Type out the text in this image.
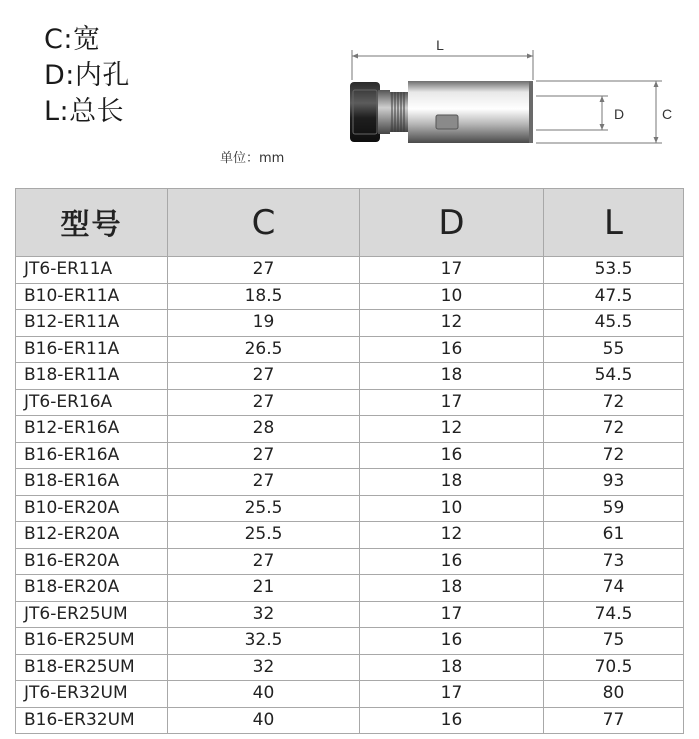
C:宽
D:内孔
L:总长
单位：mm
L
D	C
型号	C	D	L
JT6-ER11A	27	17	53.5
B10-ER11A	18.5	10	47.5
B12-ER11A	19	12	45.5
B16-ER11A	26.5	16	55
B18-ER11A	27	18	54.5
JT6-ER16A	27	17	72
B12-ER16A	28	12	72
B16-ER16A	27	16	72
B18-ER16A	27	18	93
B10-ER20A	25.5	10	59
B12-ER20A	25.5	12	61
B16-ER20A	27	16	73
B18-ER20A	21	18	74
JT6-ER25UM	32	17	74.5
B16-ER25UM	32.5	16	75
B18-ER25UM	32	18	70.5
JT6-ER32UM	40	17	80
B16-ER32UM	40	16	77
